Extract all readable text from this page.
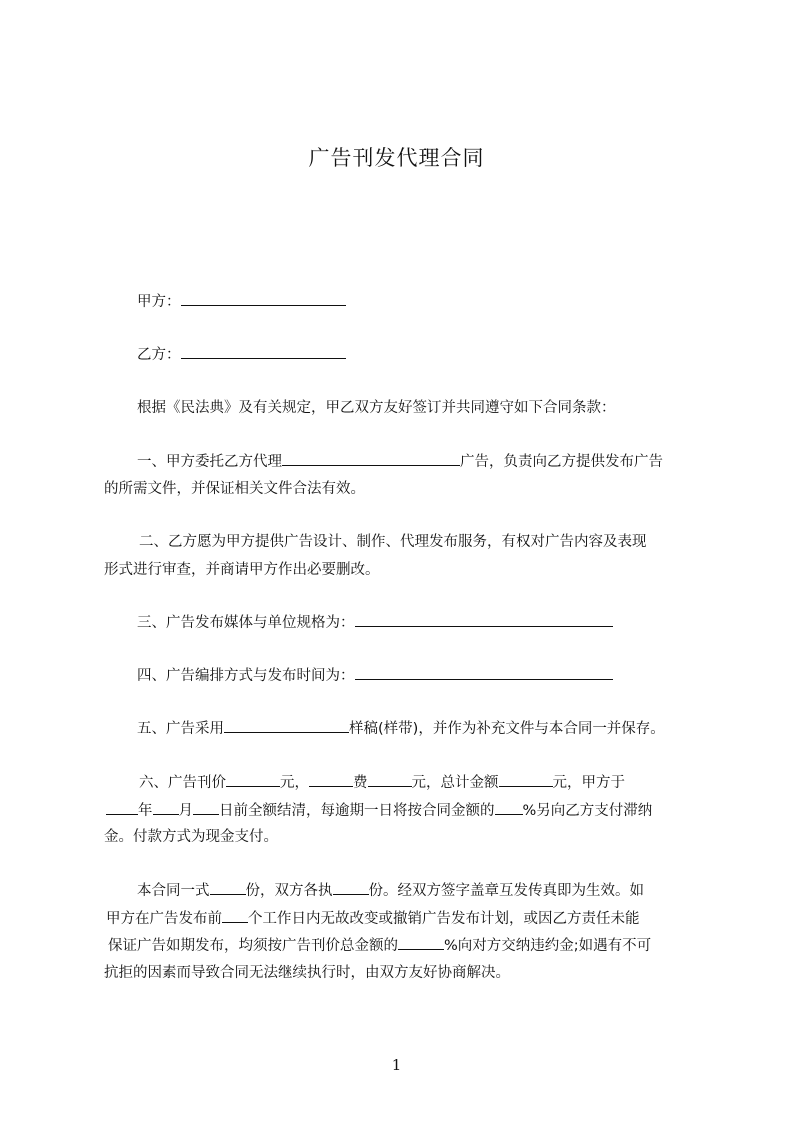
广告刊发代理合同
甲方：
乙方：
根据《民法典》及有关规定，甲乙双方友好签订并共同遵守如下合同条款：
一、甲方委托乙方代理	广告，负责向乙方提供发布广告
的所需文件，并保证相关文件合法有效。
二、乙方愿为甲方提供广告设计、制作、代理发布服务，有权对广告内容及表现
形式进行审查，并商请甲方作出必要删改。
三、广告发布媒体与单位规格为：
四、广告编排方式与发布时间为：
五、广告采用	样稿(样带)，并作为补充文件与本合同一并保存。
六、广告刊价	元，	费	元，总计金额	元，甲方于
年 月 日前全额结清，每逾期一日将按合同金额的 %另向乙方支付滞纳
金。付款方式为现金支付。
本合同一式 份，双方各执 份。经双方签字盖章互发传真即为生效。如
甲方在广告发布前 个工作日内无故改变或撤销广告发布计划，或因乙方责任未能
保证广告如期发布，均须按广告刊价总金额的	%向对方交纳违约金;如遇有不可
抗拒的因素而导致合同无法继续执行时，由双方友好协商解决。
1
